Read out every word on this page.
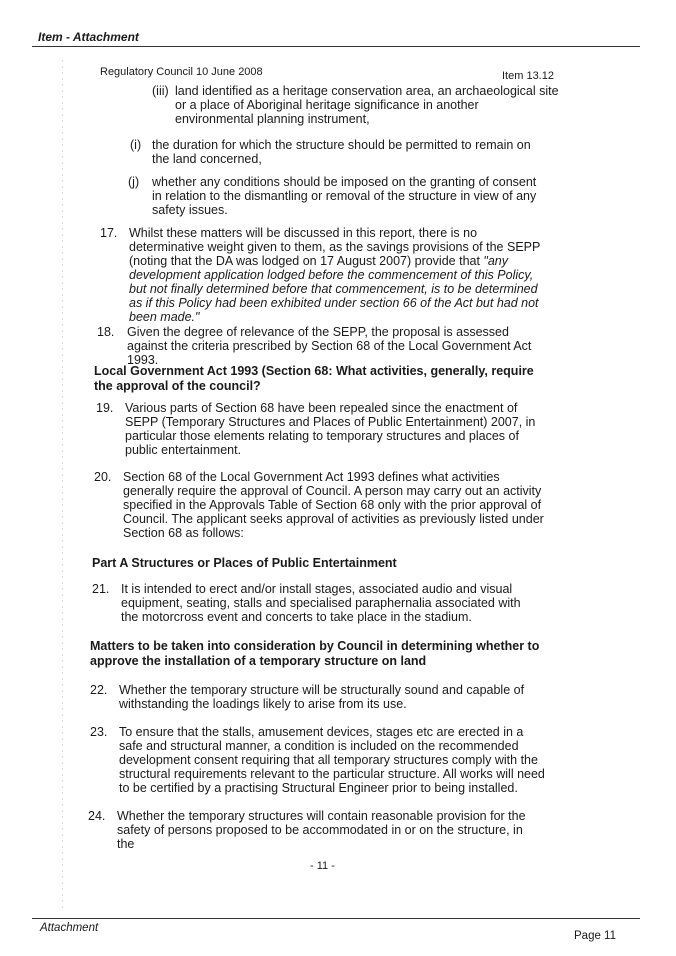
Item - Attachment
Regulatory Council 10 June 2008	Item 13.12
(iii) land identified as a heritage conservation area, an archaeological site or a place of Aboriginal heritage significance in another environmental planning instrument,
(i) the duration for which the structure should be permitted to remain on the land concerned,
(j) whether any conditions should be imposed on the granting of consent in relation to the dismantling or removal of the structure in view of any safety issues.
17. Whilst these matters will be discussed in this report, there is no determinative weight given to them, as the savings provisions of the SEPP (noting that the DA was lodged on 17 August 2007) provide that "any development application lodged before the commencement of this Policy, but not finally determined before that commencement, is to be determined as if this Policy had been exhibited under section 66 of the Act but had not been made."
18. Given the degree of relevance of the SEPP, the proposal is assessed against the criteria prescribed by Section 68 of the Local Government Act 1993.
Local Government Act 1993 (Section 68: What activities, generally, require the approval of the council?
19. Various parts of Section 68 have been repealed since the enactment of SEPP (Temporary Structures and Places of Public Entertainment) 2007, in particular those elements relating to temporary structures and places of public entertainment.
20. Section 68 of the Local Government Act 1993 defines what activities generally require the approval of Council. A person may carry out an activity specified in the Approvals Table of Section 68 only with the prior approval of Council. The applicant seeks approval of activities as previously listed under Section 68 as follows:
Part A Structures or Places of Public Entertainment
21. It is intended to erect and/or install stages, associated audio and visual equipment, seating, stalls and specialised paraphernalia associated with the motorcross event and concerts to take place in the stadium.
Matters to be taken into consideration by Council in determining whether to approve the installation of a temporary structure on land
22. Whether the temporary structure will be structurally sound and capable of withstanding the loadings likely to arise from its use.
23. To ensure that the stalls, amusement devices, stages etc are erected in a safe and structural manner, a condition is included on the recommended development consent requiring that all temporary structures comply with the structural requirements relevant to the particular structure. All works will need to be certified by a practising Structural Engineer prior to being installed.
24. Whether the temporary structures will contain reasonable provision for the safety of persons proposed to be accommodated in or on the structure, in the
- 11 -
Attachment
Page 11
